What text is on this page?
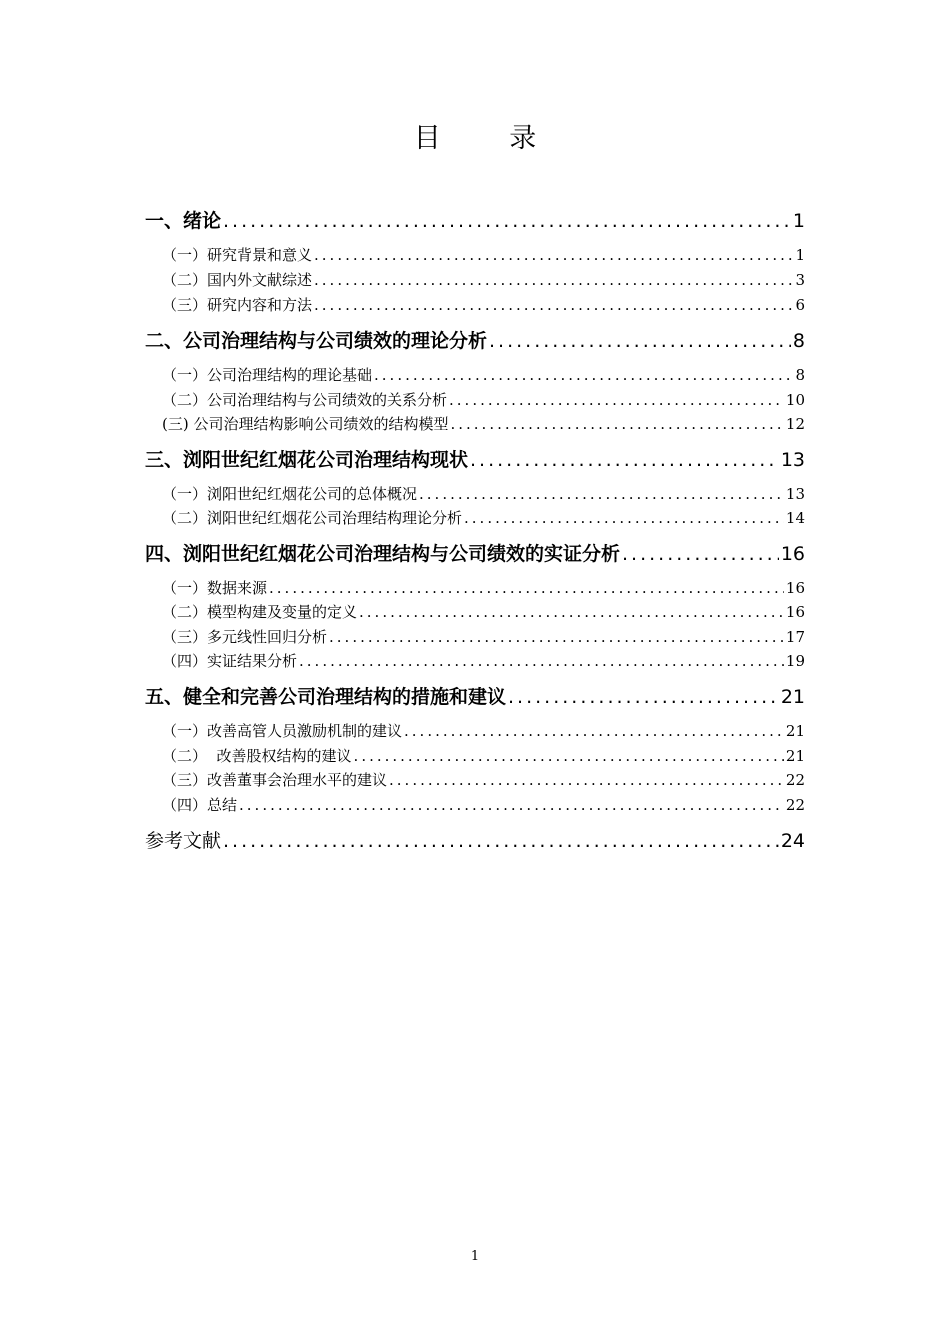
目 录
一、绪论 .....	1
（一）研究背景和意义 .....	1
（二）国内外文献综述 .....	3
（三）研究内容和方法 .....	6
二、公司治理结构与公司绩效的理论分析 .....	8
（一）公司治理结构的理论基础 .....	8
（二）公司治理结构与公司绩效的关系分析 .....	10
(三) 公司治理结构影响公司绩效的结构模型 .....	12
三、浏阳世纪红烟花公司治理结构现状 .....	13
（一）浏阳世纪红烟花公司的总体概况 .....	13
（二）浏阳世纪红烟花公司治理结构理论分析 .....	14
四、浏阳世纪红烟花公司治理结构与公司绩效的实证分析 .....	16
（一）数据来源 .....	16
（二）模型构建及变量的定义 .....	16
（三）多元线性回归分析 .....	17
（四）实证结果分析 .....	19
五、健全和完善公司治理结构的措施和建议 .....	21
（一）改善高管人员激励机制的建议 .....	21
（二）  改善股权结构的建议 .....	21
（三）改善董事会治理水平的建议 .....	22
（四）总结 .....	22
参考文献 .....	24
1
